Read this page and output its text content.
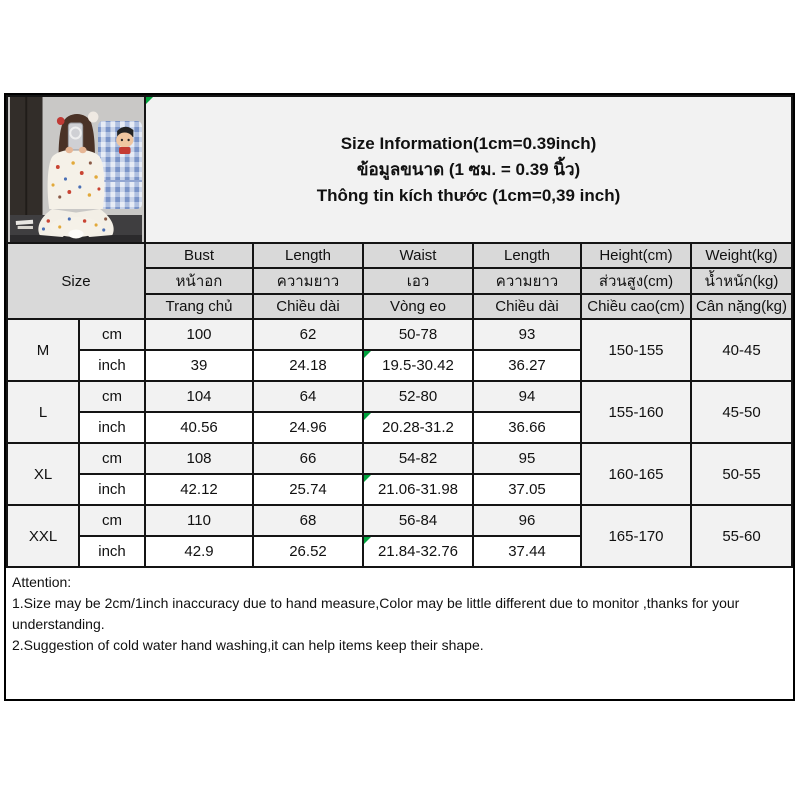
Size Information(1cm=0.39inch)
ข้อมูลขนาด (1 ซม. = 0.39 นิ้ว)
Thông tin kích thước (1cm=0,39 inch)					

Size		Bust	Length	Waist	Length	Height(cm)	Weight(kg)
		หน้าอก	ความยาว	เอว	ความยาว	ส่วนสูง(cm)	น้ำหนัก(kg)
		Trang chủ	Chiều dài	Vòng eo	Chiều dài	Chiều cao(cm)	Cân nặng(kg)
M	cm	100	62	50-78	93	150-155	40-45
	inch	39	24.18	19.5-30.42	36.27		
L	cm	104	64	52-80	94	155-160	45-50
	inch	40.56	24.96	20.28-31.2	36.66		
XL	cm	108	66	54-82	95	160-165	50-55
	inch	42.12	25.74	21.06-31.98	37.05		
XXL	cm	110	68	56-84	96	165-170	55-60
	inch	42.9	26.52	21.84-32.76	37.44		

Attention:

1.Size may be 2cm/1inch inaccuracy due to hand measure,Color may be little different due to monitor ,thanks for your understanding.

2.Suggestion of cold water hand washing,it can help items keep their shape.
